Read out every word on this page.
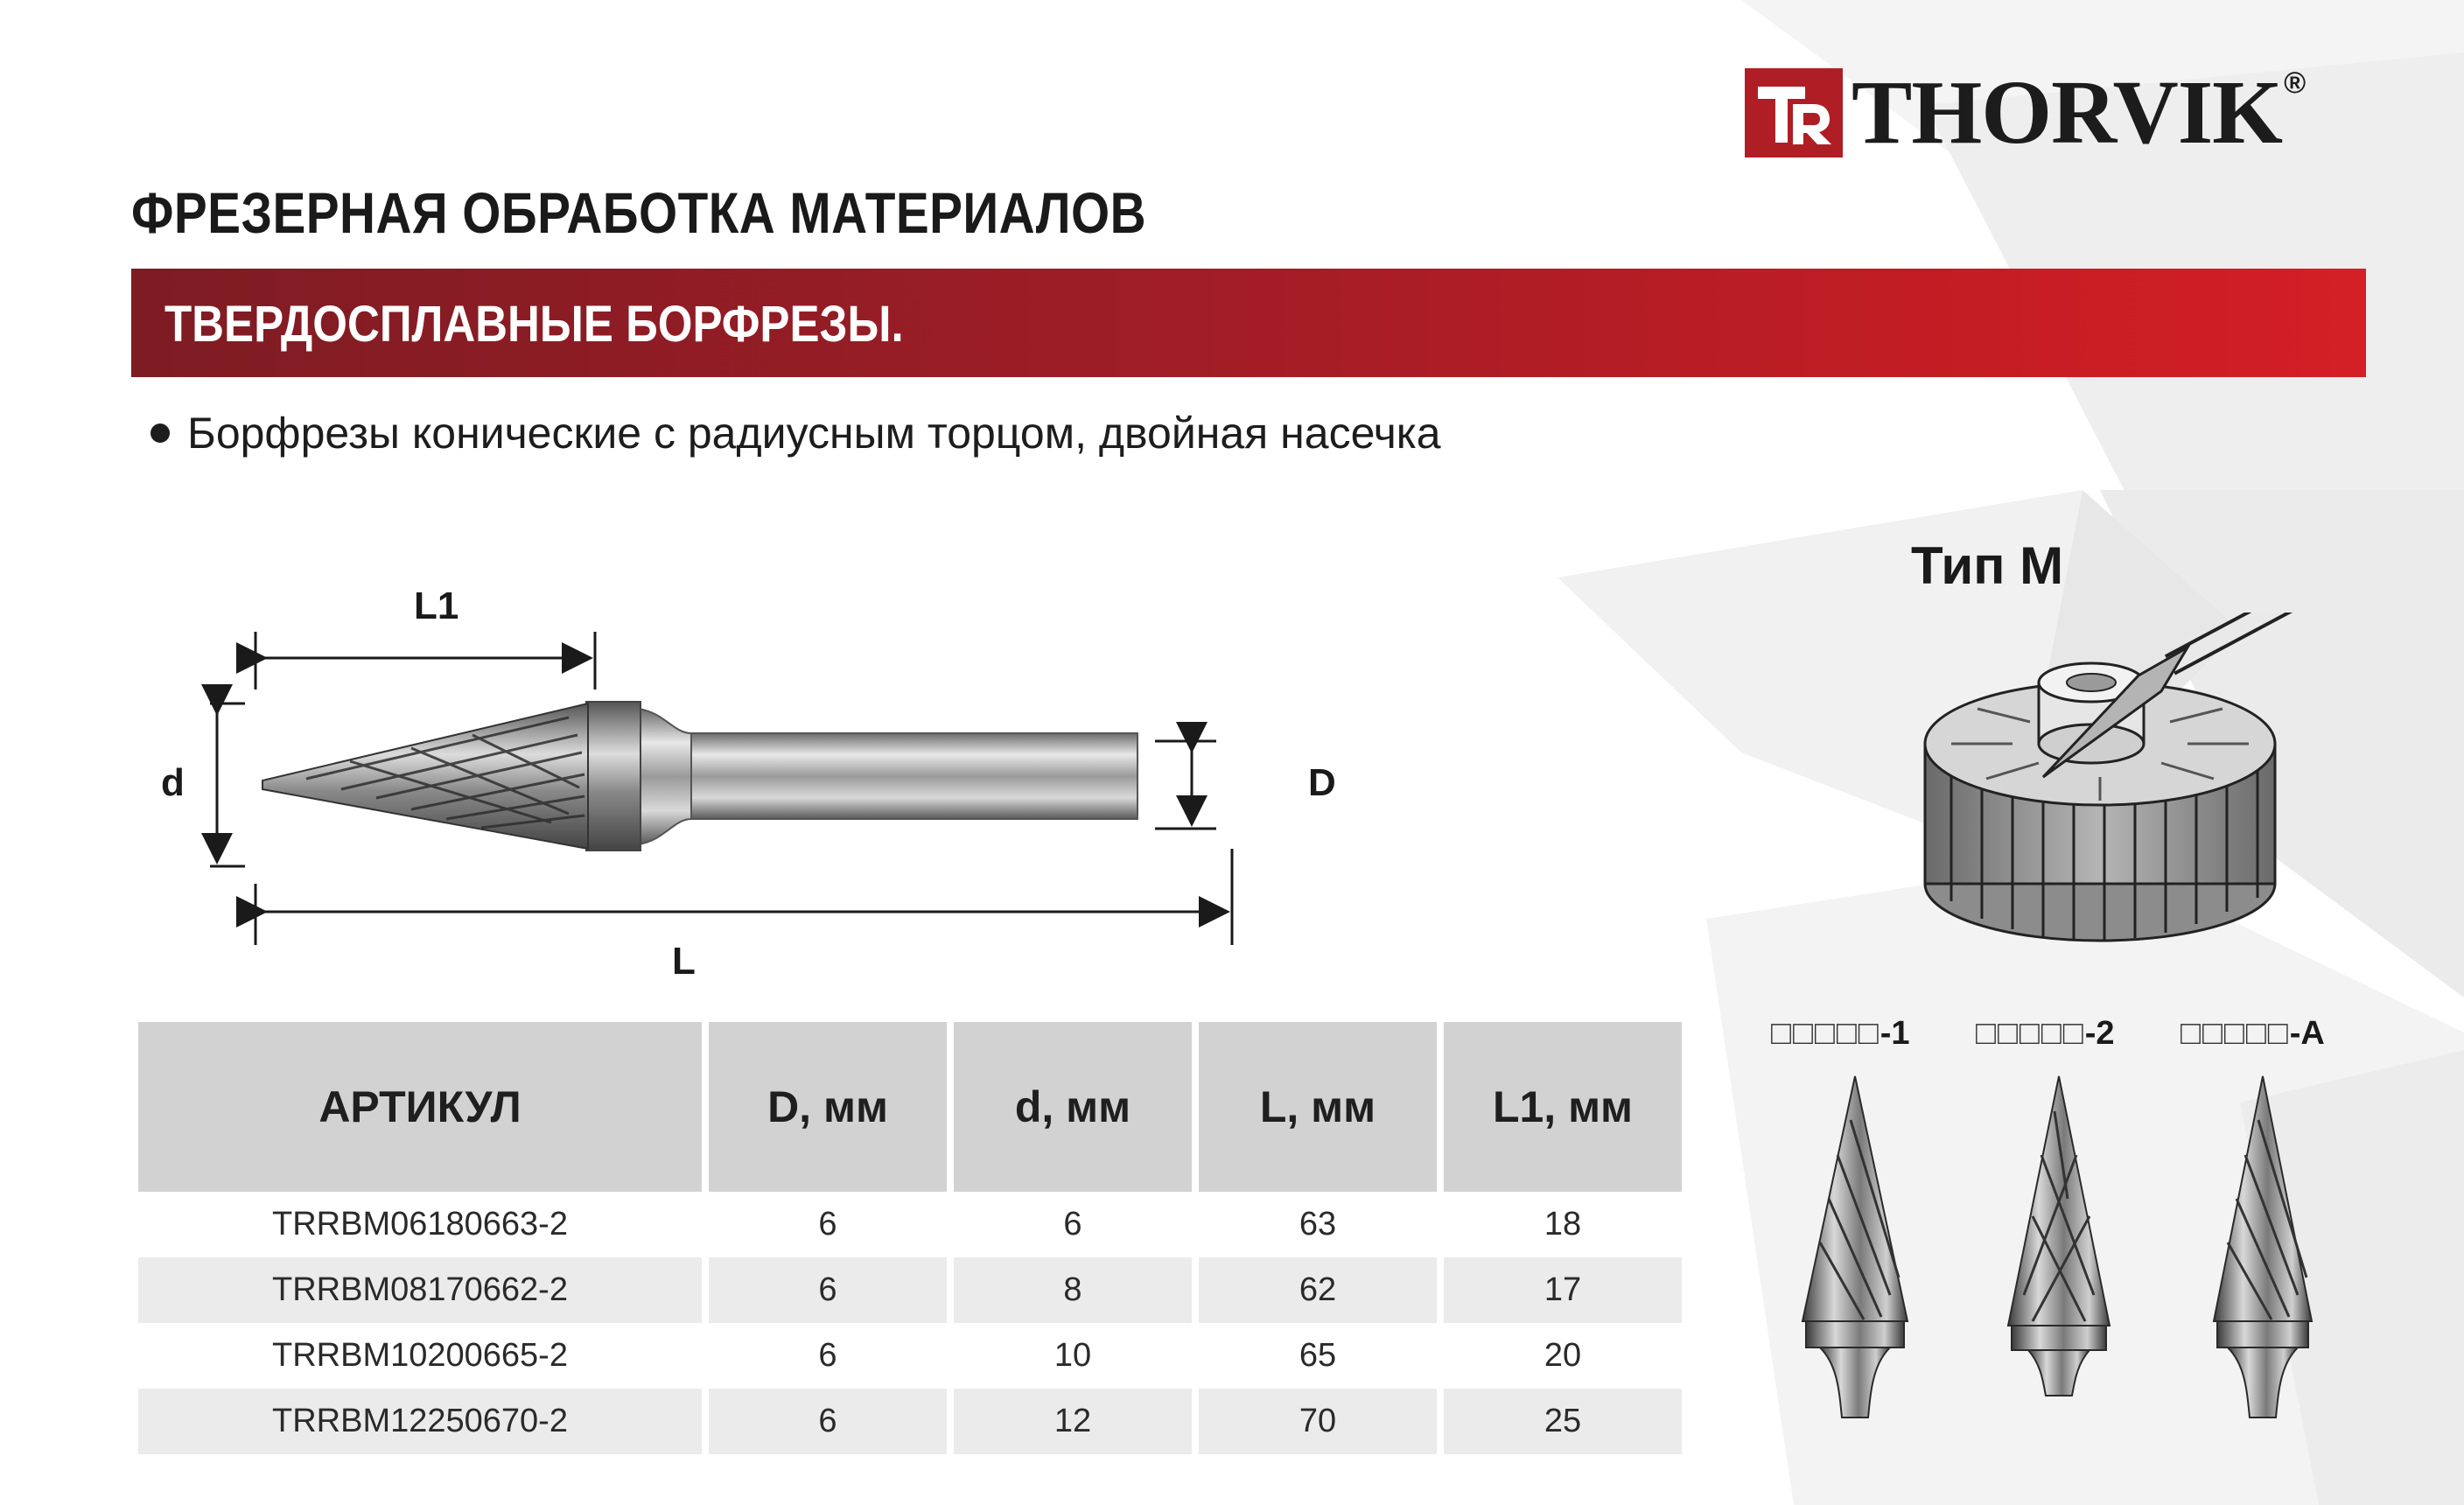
THORVIK ®
ФРЕЗЕРНАЯ ОБРАБОТКА МАТЕРИАЛОВ
ТВЕРДОСПЛАВНЫЕ БОРФРЕЗЫ.
Борфрезы конические с радиусным торцом, двойная насечка
L1
d	D
L
Тип М
□□□□□-1 □□□□□-2 □□□□□-A
АРТИКУЛ	D, мм	d, мм	L, мм	L1, мм
TRRBM06180663-2	6	6	63	18
TRRBM08170662-2	6	8	62	17
TRRBM10200665-2	6	10	65	20
TRRBM12250670-2	6	12	70	25
